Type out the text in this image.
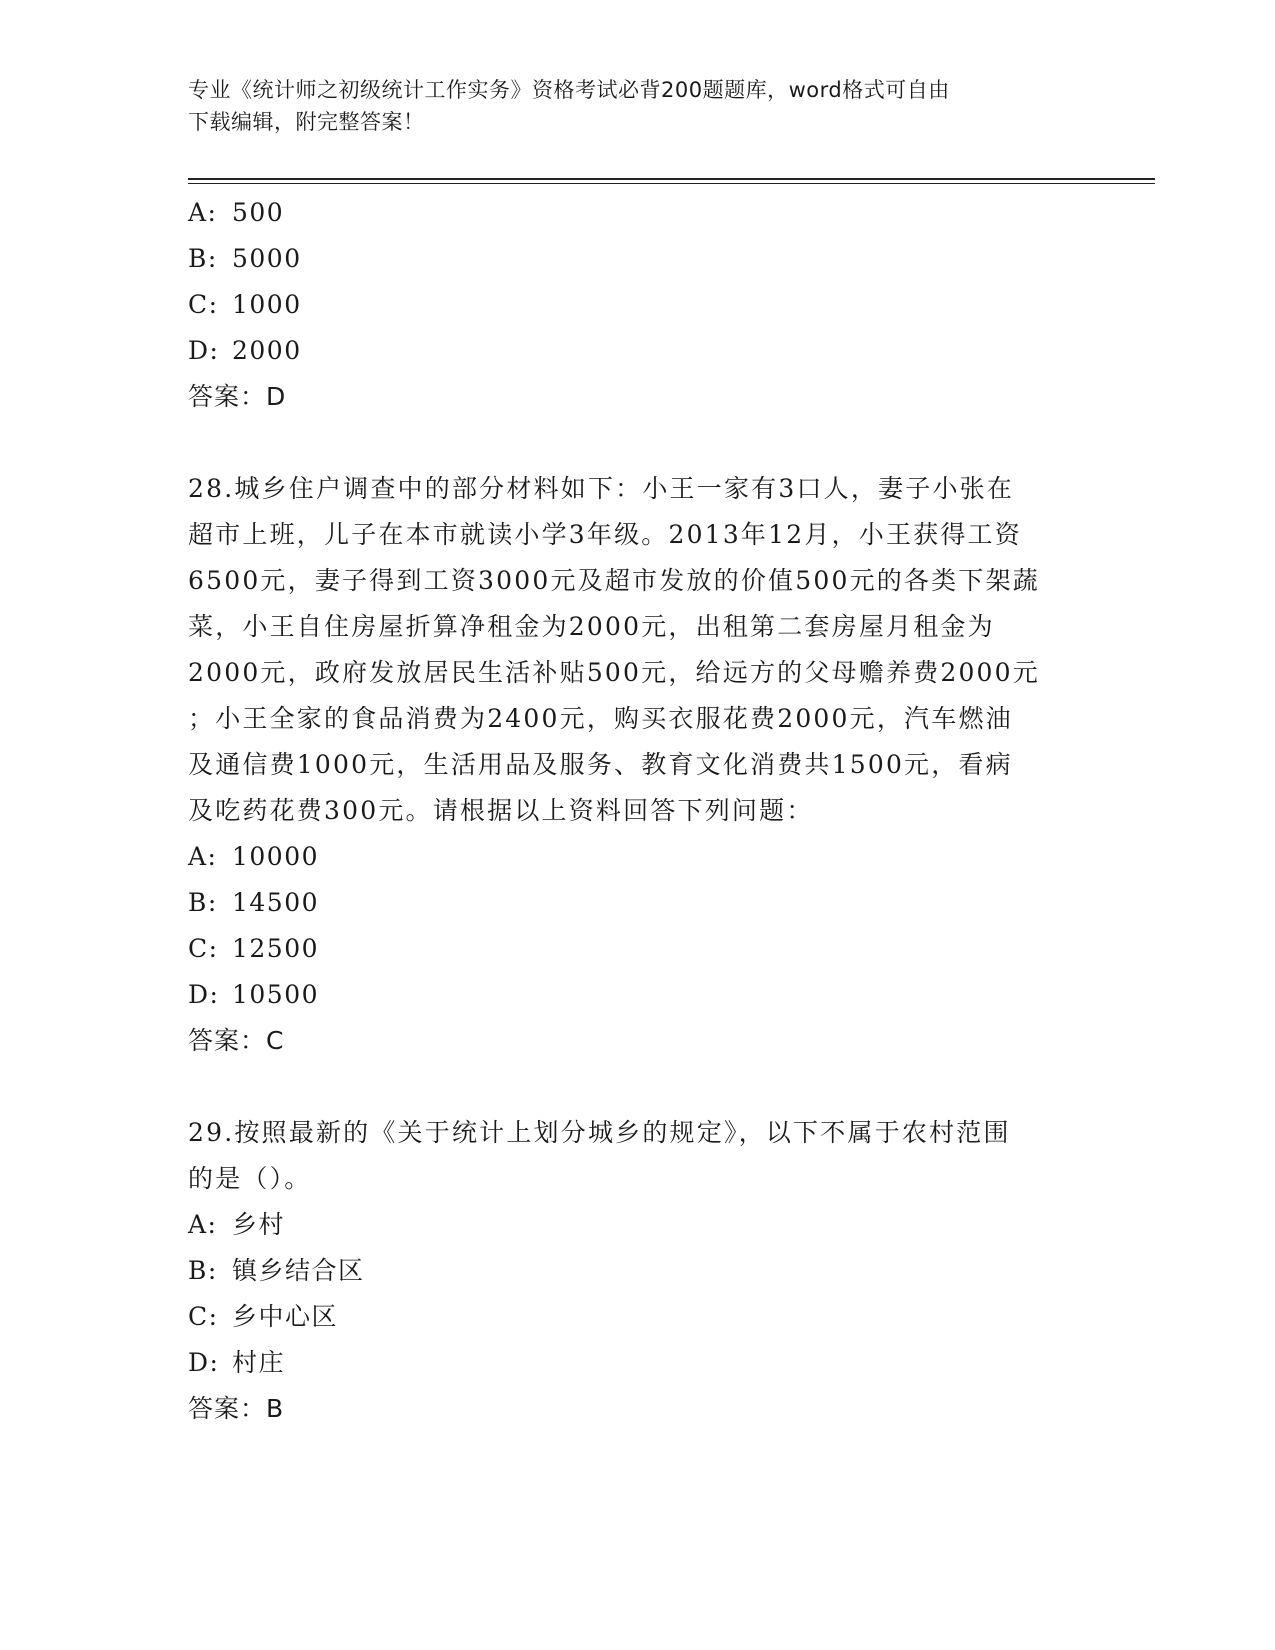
专业《统计师之初级统计工作实务》资格考试必背200题题库，word格式可自由
下载编辑，附完整答案！
A: 500
B: 5000
C: 1000
D: 2000
答案：D
28.城乡住户调查中的部分材料如下：小王一家有3口人，妻子小张在
超市上班，儿子在本市就读小学3年级。2013年12月，小王获得工资
6500元，妻子得到工资3000元及超市发放的价值500元的各类下架蔬
菜，小王自住房屋折算净租金为2000元，出租第二套房屋月租金为
2000元，政府发放居民生活补贴500元，给远方的父母赡养费2000元
；小王全家的食品消费为2400元，购买衣服花费2000元，汽车燃油
及通信费1000元，生活用品及服务、教育文化消费共1500元，看病
及吃药花费300元。请根据以上资料回答下列问题：
A: 10000
B: 14500
C: 12500
D: 10500
答案：C
29.按照最新的《关于统计上划分城乡的规定》，以下不属于农村范围
的是（）。
A: 乡村
B: 镇乡结合区
C: 乡中心区
D: 村庄
答案：B
